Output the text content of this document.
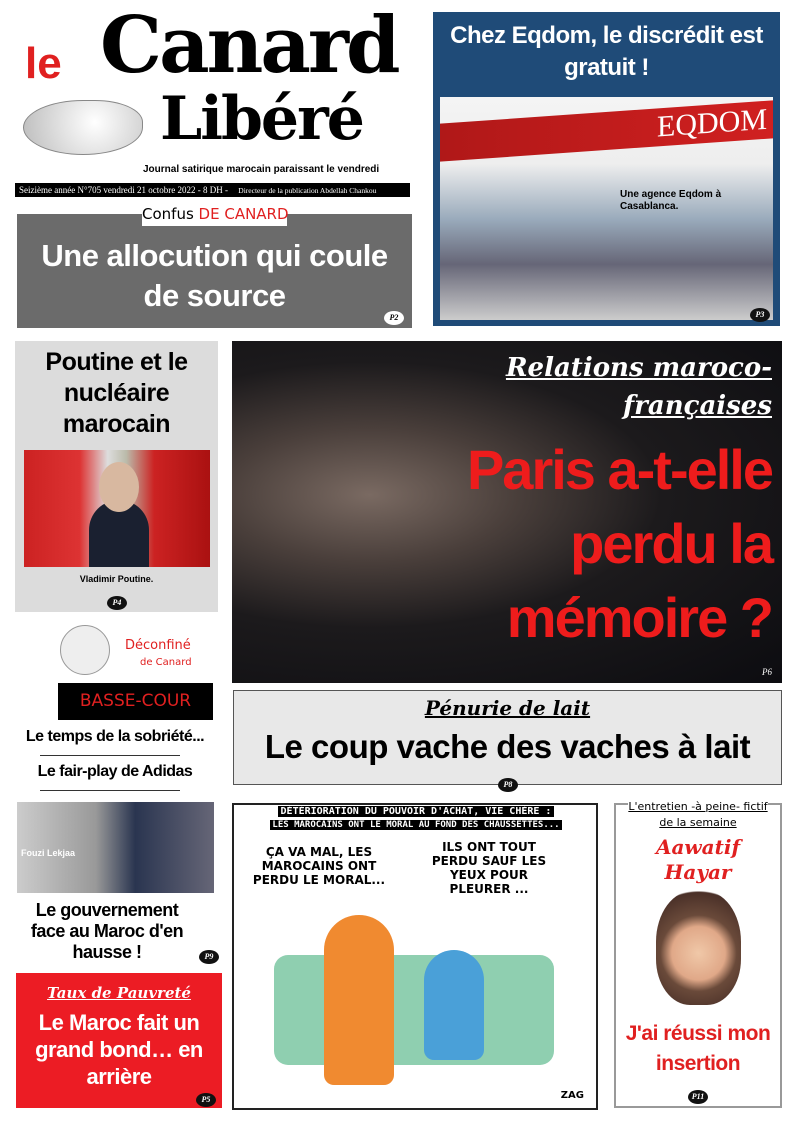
le Canard
Libéré
Journal satirique marocain paraissant le vendredi
Seizième année N°705 vendredi 21 octobre 2022 - 8 DH - Directeur de la publication Abdellah Chankou
Chez Eqdom, le discrédit est gratuit !
EQDOM
Une agence Eqdom à Casablanca.
P3
Confus DE CANARD
Une allocution qui coule de source
P2
Poutine et le nucléaire marocain
Vladimir Poutine.
P4
Relations maroco-françaises
Paris a-t-elle perdu la mémoire ?
P6
Déconfiné
de Canard
BASSE-COUR
Le temps de la sobriété...
Le fair-play de Adidas
Pénurie de lait
Le coup vache des vaches à lait
P8
Fouzi Lekjaa
Le gouvernement face au Maroc d'en hausse !	P9
Taux de Pauvreté
Le Maroc fait un grand bond… en arrière
P5
DÉTÉRIORATION DU POUVOIR D'ACHAT, VIE CHÈRE :
LES MAROCAINS ONT LE MORAL AU FOND DES CHAUSSETTES...
ÇA VA MAL, LES MAROCAINS ONT PERDU LE MORAL...
ILS ONT TOUT PERDU SAUF LES YEUX POUR PLEURER ...
ZAG
L'entretien -à peine- fictif
de la semaine
Aawatif
Hayar
J'ai réussi mon insertion
P11
